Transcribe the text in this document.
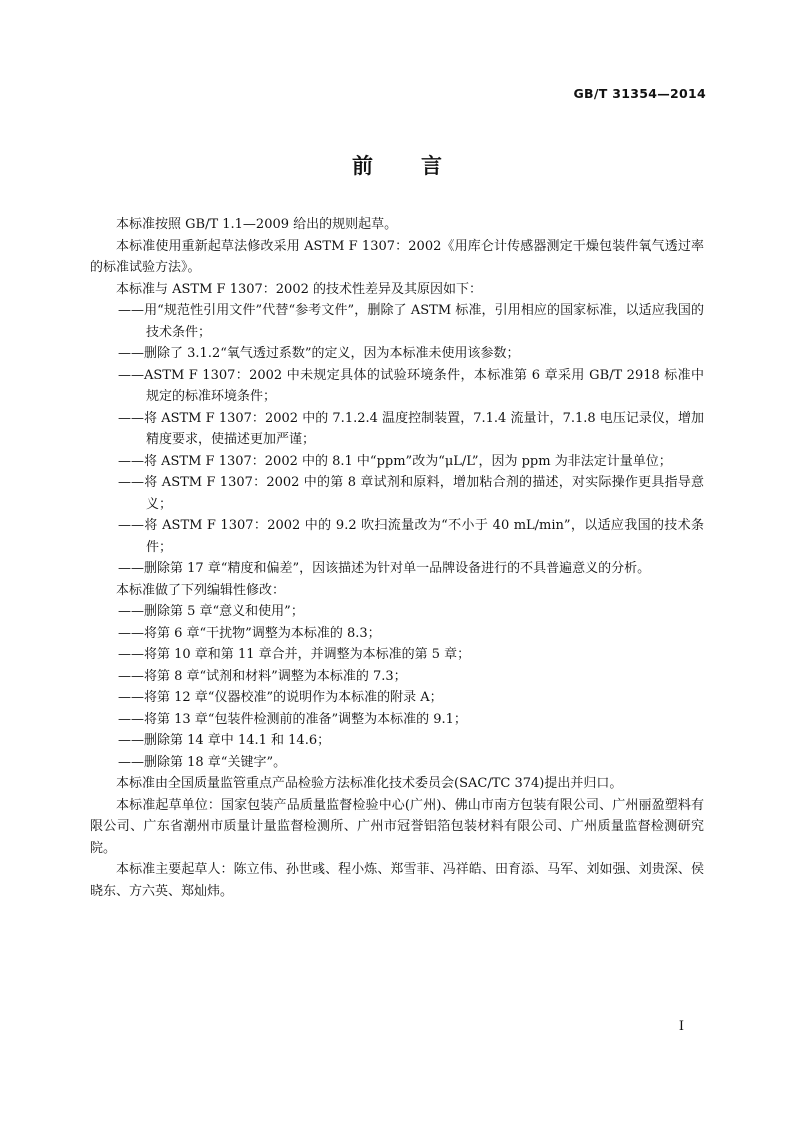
GB/T 31354—2014
前 言

本标准按照 GB/T 1.1—2009 给出的规则起草。

本标准使用重新起草法修改采用 ASTM F 1307：2002《用库仑计传感器测定干燥包装件氧气透过率的标准试验方法》。

本标准与 ASTM F 1307：2002 的技术性差异及其原因如下：

——用“规范性引用文件”代替“参考文件”，删除了 ASTM 标准，引用相应的国家标准，以适应我国的技术条件；

——删除了 3.1.2“氧气透过系数”的定义，因为本标准未使用该参数；

——ASTM F 1307：2002 中未规定具体的试验环境条件，本标准第 6 章采用 GB/T 2918 标准中规定的标准环境条件；

——将 ASTM F 1307：2002 中的 7.1.2.4 温度控制装置，7.1.4 流量计，7.1.8 电压记录仪，增加精度要求，使描述更加严谨；

——将 ASTM F 1307：2002 中的 8.1 中“ppm”改为“μL/L”，因为 ppm 为非法定计量单位；

——将 ASTM F 1307：2002 中的第 8 章试剂和原料，增加粘合剂的描述，对实际操作更具指导意义；

——将 ASTM F 1307：2002 中的 9.2 吹扫流量改为“不小于 40 mL/min”，以适应我国的技术条件；

——删除第 17 章“精度和偏差”，因该描述为针对单一品牌设备进行的不具普遍意义的分析。

本标准做了下列编辑性修改：

——删除第 5 章“意义和使用”；

——将第 6 章“干扰物”调整为本标准的 8.3；

——将第 10 章和第 11 章合并，并调整为本标准的第 5 章；

——将第 8 章“试剂和材料”调整为本标准的 7.3；

——将第 12 章“仪器校准”的说明作为本标准的附录 A；

——将第 13 章“包装件检测前的准备”调整为本标准的 9.1；

——删除第 14 章中 14.1 和 14.6；

——删除第 18 章“关键字”。

本标准由全国质量监管重点产品检验方法标准化技术委员会(SAC/TC 374)提出并归口。

本标准起草单位：国家包装产品质量监督检验中心(广州)、佛山市南方包装有限公司、广州丽盈塑料有限公司、广东省潮州市质量计量监督检测所、广州市冠誉铝箔包装材料有限公司、广州质量监督检测研究院。

本标准主要起草人：陈立伟、孙世彧、程小炼、郑雪菲、冯祥皓、田育添、马军、刘如强、刘贵深、侯晓东、方六英、郑灿炜。

I
